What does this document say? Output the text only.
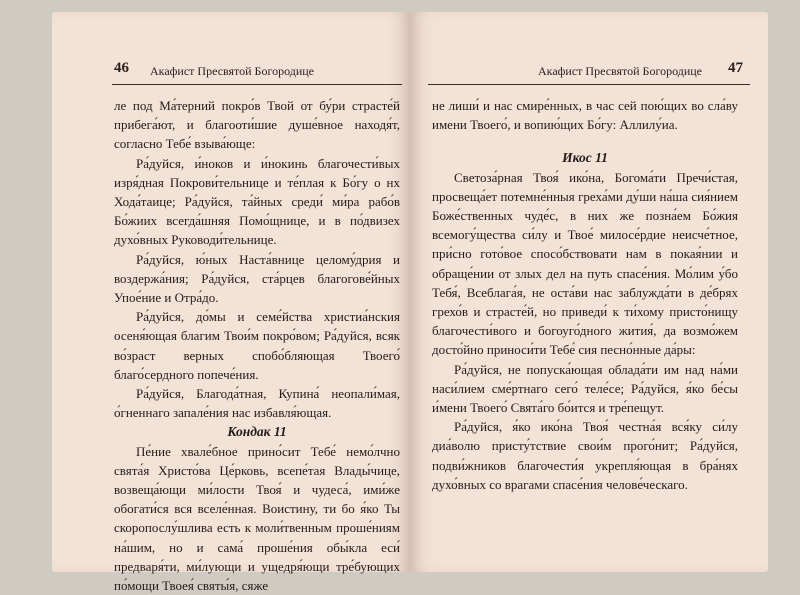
46 Акафист Пресвятой Богородице

ле под Ма́терний покро́в Твой от бу́ри страсте́й прибега́ют, и благооти́шие душе́вное находя́т, согласно Тебе́ взыва́юще:

Ра́дуйся, и́ноков и и́нокинь благочести́вых изря́дная Покрови́тельнице и те́плая к Бо́гу о нх Хода́таице; Ра́дуйся, та́йных среди́ ми́ра рабо́в Бо́жиих всегда́шняя Помо́щнице, и в по́двизех духо́вных Руководи́тельнице.

Ра́дуйся, ю́ных Наста́внице целому́дрия и воздержа́ния; Ра́дуйся, ста́рцев благогове́йных Упое́ние и Отра́до.

Ра́дуйся, до́мы и семе́йства христиа́нския осеня́ющая благим Твои́м покро́вом; Ра́дуйся, всяк во́зраст верных спобо́бляющая Твоего́ благо́сердного попече́ния.

Ра́дуйся, Благода́тная, Купина́ неопали́мая, о́гненнаго запале́ния нас избавля́ющая.

Кондак 11

Пе́ние хвале́бное прино́сит Тебе́ немо́лчно свята́я Христо́ва Це́рковь, всепе́тая Влады́чице, возвеща́ющи ми́лости Твоя́ и чудеса́, ими́же обогати́ся вся вселе́нная. Воистину, ти бо я́ко Ты скоропослу́шлива есть к моли́твенным проше́ниям на́шим, но и сама́ проше́ния обы́кла еси́ предваря́ти, ми́лующи и ущедря́ющи тре́бующих по́мощи Твоея́ святы́я, сяже

Акафист Пресвятой Богородице 47

не лиши́ и нас смире́нных, в час сей пою́щих во сла́ву имени Твоего́, и вопию́щих Бо́гу: Аллилу́иа.

Икос 11

Светоза́рная Твоя́ ико́на, Богома́ти Пречи́стая, просвеща́ет потемне́нныя греха́ми ду́ши на́ша сия́нием Боже́ственных чуде́с, в них же позна́ем Бо́жия всемогу́щества си́лу и Твое́ милосе́рдие неисче́тное, при́сно гото́вое спосо́бствовати нам в покая́нии и обраще́нии от злых дел на путь спасе́ния. Мо́лим у́бо Тебя́, Всеблага́я, не оста́ви нас заблужда́ти в де́брях грехо́в и страсте́й, но приведи́ к ти́хому присто́нищу благочести́вого и богоуго́дного жития́, да возмо́жем досто́йно приноси́ти Тебе́ сия песно́нные да́ры:

Ра́дуйся, не попуска́ющая облада́ти им над на́ми наси́лием сме́ртнаго сего́ теле́се; Ра́дуйся, я́ко бе́сы и́мени Твоего́ Свята́го бо́ится и тре́пещут.

Ра́дуйся, я́ко ико́на Твоя́ честна́я вся́ку си́лу диа́волю присту́тствие свои́м прого́нит; Ра́дуйся, подви́жников благочести́я укрепля́ющая в бра́нях духо́вных со врагами спасе́ния челове́ческаго.
